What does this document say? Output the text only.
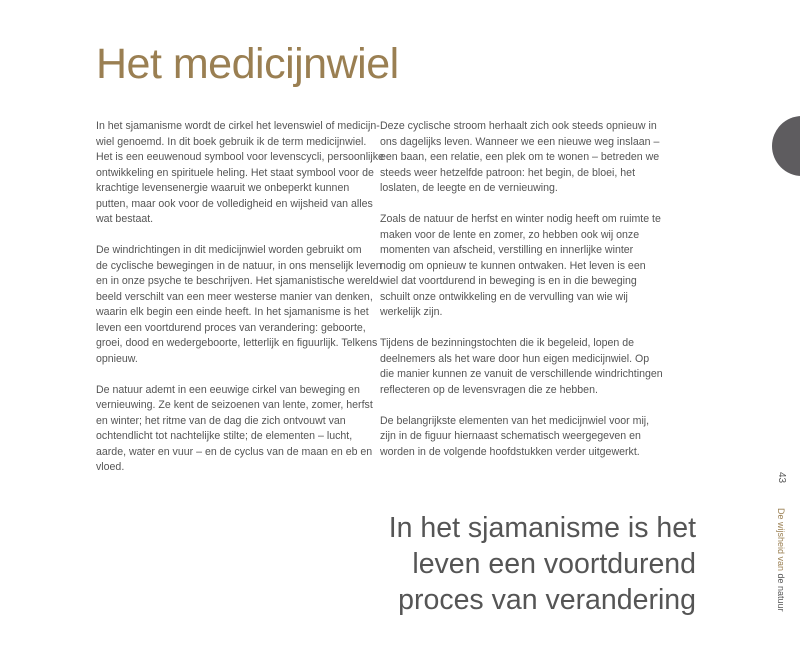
Het medicijnwiel

In het sjamanisme wordt de cirkel het levenswiel of medicijn-
wiel genoemd. In dit boek gebruik ik de term medicijnwiel.
Het is een eeuwenoud symbool voor levenscycli, persoonlijke
ontwikkeling en spirituele heling. Het staat symbool voor de
krachtige levensenergie waaruit we onbeperkt kunnen
putten, maar ook voor de volledigheid en wijsheid van alles
wat bestaat.

De windrichtingen in dit medicijnwiel worden gebruikt om
de cyclische bewegingen in de natuur, in ons menselijk leven
en in onze psyche te beschrijven. Het sjamanistische wereld-
beeld verschilt van een meer westerse manier van denken,
waarin elk begin een einde heeft. In het sjamanisme is het
leven een voortdurend proces van verandering: geboorte,
groei, dood en wedergeboorte, letterlijk en figuurlijk. Telkens
opnieuw.

De natuur ademt in een eeuwige cirkel van beweging en
vernieuwing. Ze kent de seizoenen van lente, zomer, herfst
en winter; het ritme van de dag die zich ontvouwt van
ochtendlicht tot nachtelijke stilte; de elementen – lucht,
aarde, water en vuur – en de cyclus van de maan en eb en
vloed.

Deze cyclische stroom herhaalt zich ook steeds opnieuw in
ons dagelijks leven. Wanneer we een nieuwe weg inslaan –
een baan, een relatie, een plek om te wonen – betreden we
steeds weer hetzelfde patroon: het begin, de bloei, het
loslaten, de leegte en de vernieuwing.

Zoals de natuur de herfst en winter nodig heeft om ruimte te
maken voor de lente en zomer, zo hebben ook wij onze
momenten van afscheid, verstilling en innerlijke winter
nodig om opnieuw te kunnen ontwaken. Het leven is een
wiel dat voortdurend in beweging is en in die beweging
schuilt onze ontwikkeling en de vervulling van wie wij
werkelijk zijn.

Tijdens de bezinningstochten die ik begeleid, lopen de
deelnemers als het ware door hun eigen medicijnwiel. Op
die manier kunnen ze vanuit de verschillende windrichtingen
reflecteren op de levensvragen die ze hebben.

De belangrijkste elementen van het medicijnwiel voor mij,
zijn in de figuur hiernaast schematisch weergegeven en
worden in de volgende hoofdstukken verder uitgewerkt.

In het sjamanisme is het
leven een voortdurend
proces van verandering
43
De wijsheid van de natuur
